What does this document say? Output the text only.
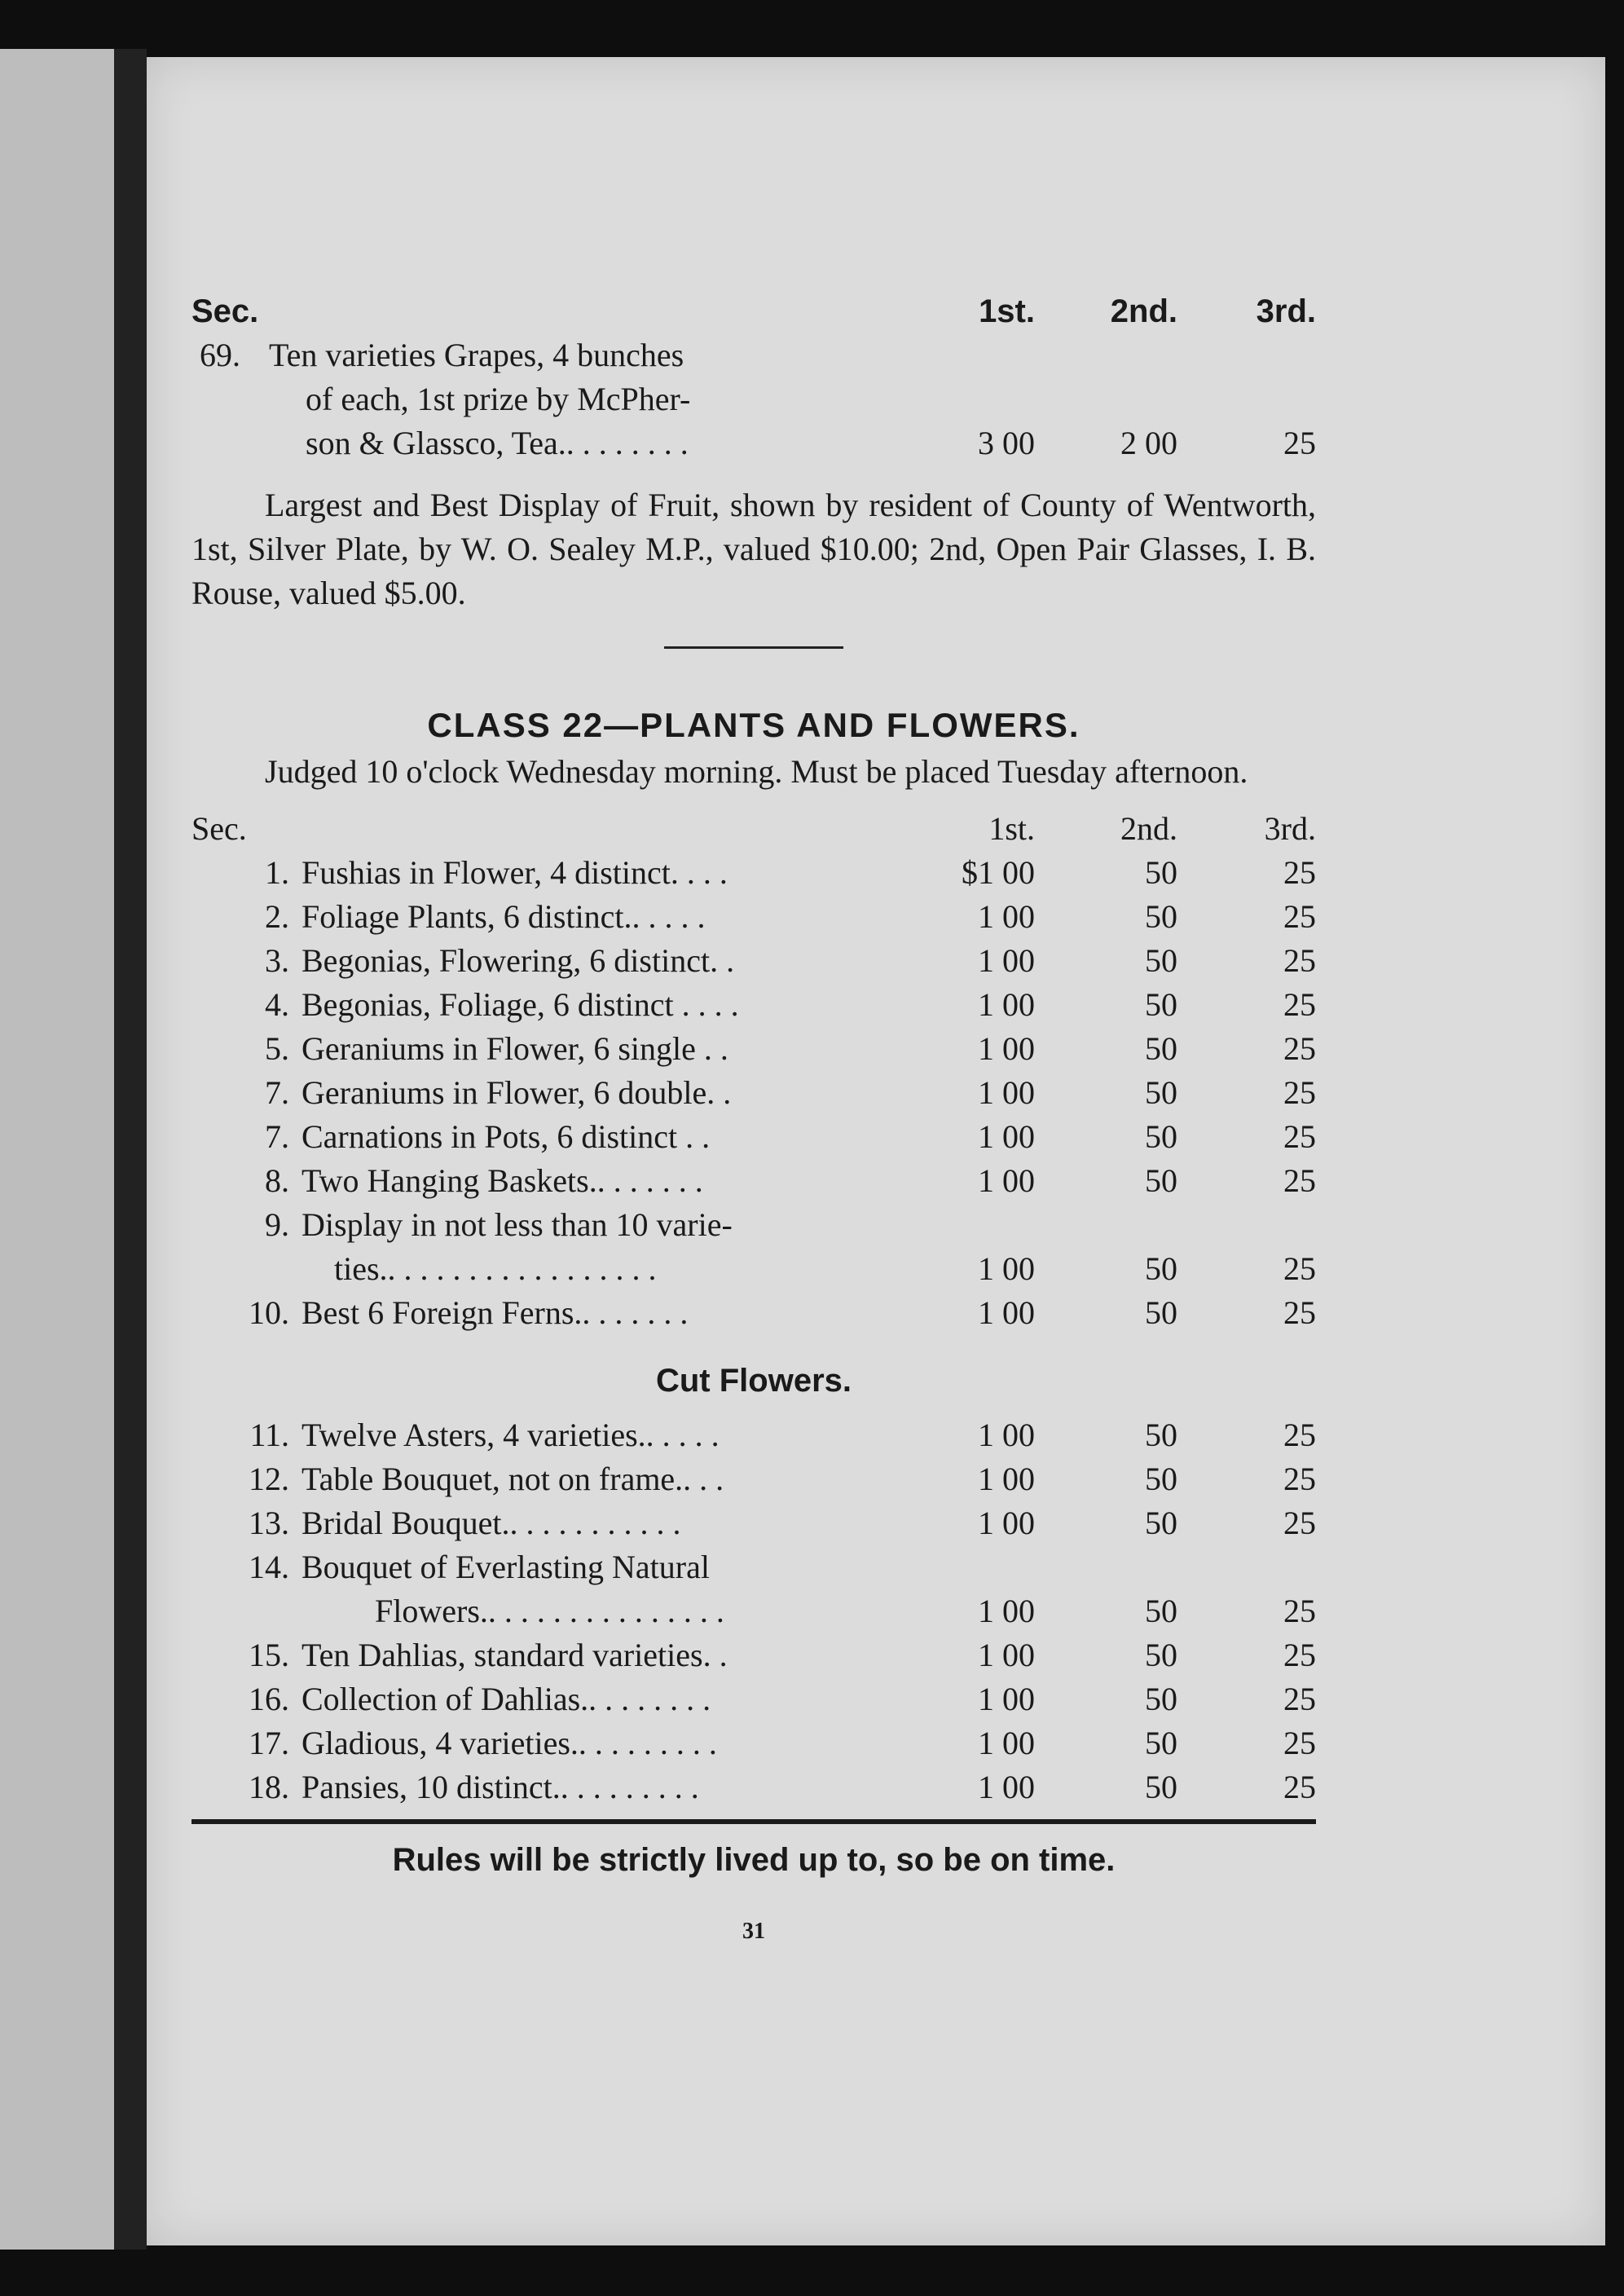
Sec.	1st.	2nd.	3rd.
69. Ten varieties Grapes, 4 bunches
of each, 1st prize by McPher-
son & Glassco, Tea.. . . . . . . .	3 00	2 00	25

Largest and Best Display of Fruit, shown by resident of County of Wentworth, 1st, Silver Plate, by W. O. Sealey M.P., valued $10.00; 2nd, Open Pair Glasses, I. B. Rouse, valued $5.00.

CLASS 22—PLANTS AND FLOWERS.

Judged 10 o'clock Wednesday morning. Must be placed Tuesday afternoon.

Sec.	1st.	2nd.	3rd.
1. Fushias in Flower, 4 distinct. . . .	$1 00	50	25
2. Foliage Plants, 6 distinct.. . . . .	1 00	50	25
3. Begonias, Flowering, 6 distinct. .	1 00	50	25
4. Begonias, Foliage, 6 distinct . . . .	1 00	50	25
5. Geraniums in Flower, 6 single . .	1 00	50	25
7. Geraniums in Flower, 6 double. .	1 00	50	25
7. Carnations in Pots, 6 distinct . .	1 00	50	25
8. Two Hanging Baskets.. . . . . . .	1 00	50	25
9. Display in not less than 10 varie-
ties.. . . . . . . . . . . . . . . . .	1 00	50	25
10. Best 6 Foreign Ferns.. . . . . . .	1 00	50	25

Cut Flowers.

11. Twelve Asters, 4 varieties.. . . . .	1 00	50	25
12. Table Bouquet, not on frame.. . .	1 00	50	25
13. Bridal Bouquet.. . . . . . . . . . .	1 00	50	25
14. Bouquet of Everlasting Natural
Flowers.. . . . . . . . . . . . . . .	1 00	50	25
15. Ten Dahlias, standard varieties. .	1 00	50	25
16. Collection of Dahlias.. . . . . . . .	1 00	50	25
17. Gladious, 4 varieties.. . . . . . . . .	1 00	50	25
18. Pansies, 10 distinct.. . . . . . . . .	1 00	50	25

Rules will be strictly lived up to, so be on time.

31
